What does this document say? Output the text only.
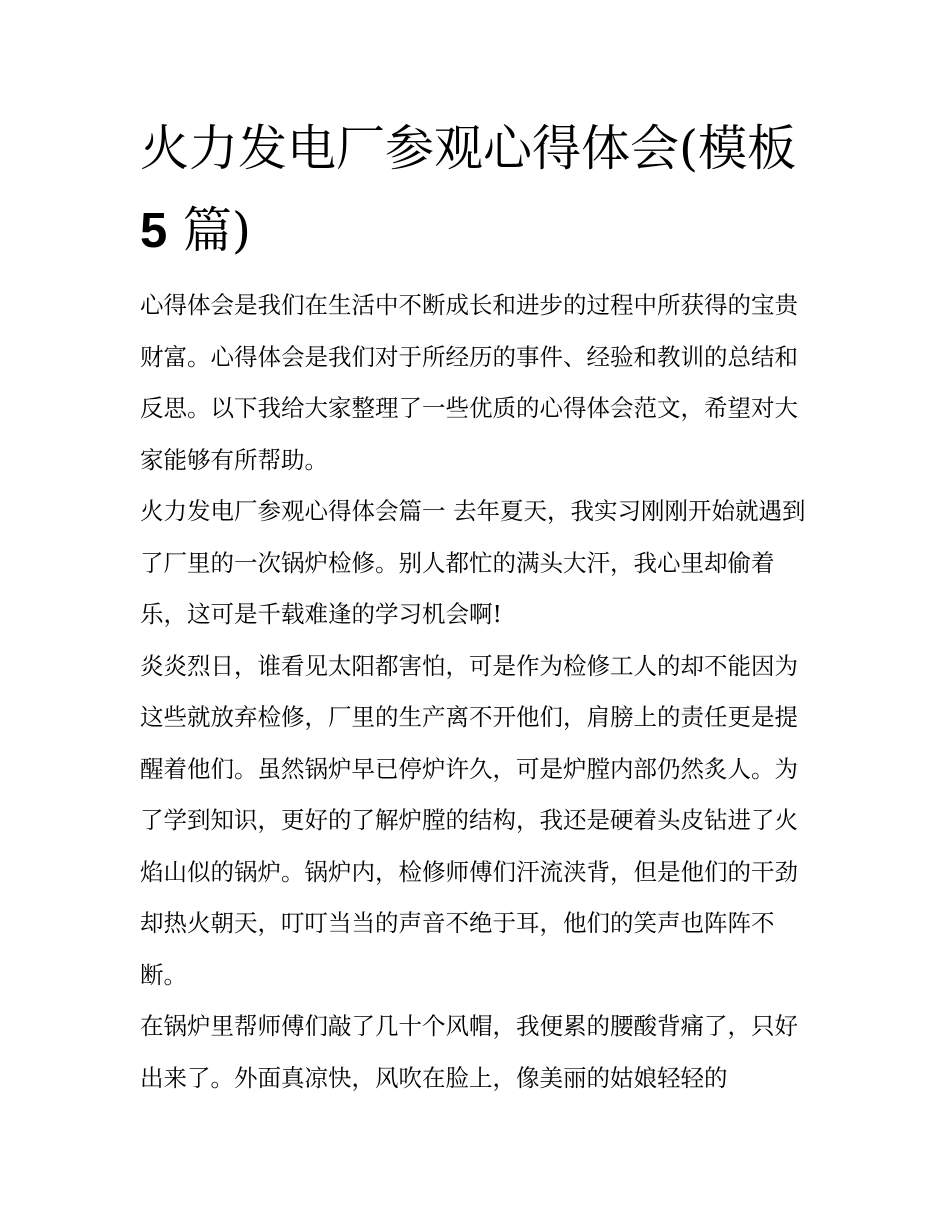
火力发电厂参观心得体会(模板
5 篇)

心得体会是我们在生活中不断成长和进步的过程中所获得的宝贵财富。心得体会是我们对于所经历的事件、经验和教训的总结和反思。以下我给大家整理了一些优质的心得体会范文，希望对大家能够有所帮助。

火力发电厂参观心得体会篇一 去年夏天，我实习刚刚开始就遇到了厂里的一次锅炉检修。别人都忙的满头大汗，我心里却偷着乐，这可是千载难逢的学习机会啊!

炎炎烈日，谁看见太阳都害怕，可是作为检修工人的却不能因为这些就放弃检修，厂里的生产离不开他们，肩膀上的责任更是提醒着他们。虽然锅炉早已停炉许久，可是炉膛内部仍然炙人。为了学到知识，更好的了解炉膛的结构，我还是硬着头皮钻进了火焰山似的锅炉。锅炉内，检修师傅们汗流浃背，但是他们的干劲却热火朝天，叮叮当当的声音不绝于耳，他们的笑声也阵阵不断。

在锅炉里帮师傅们敲了几十个风帽，我便累的腰酸背痛了，只好出来了。外面真凉快，风吹在脸上，像美丽的姑娘轻轻的
